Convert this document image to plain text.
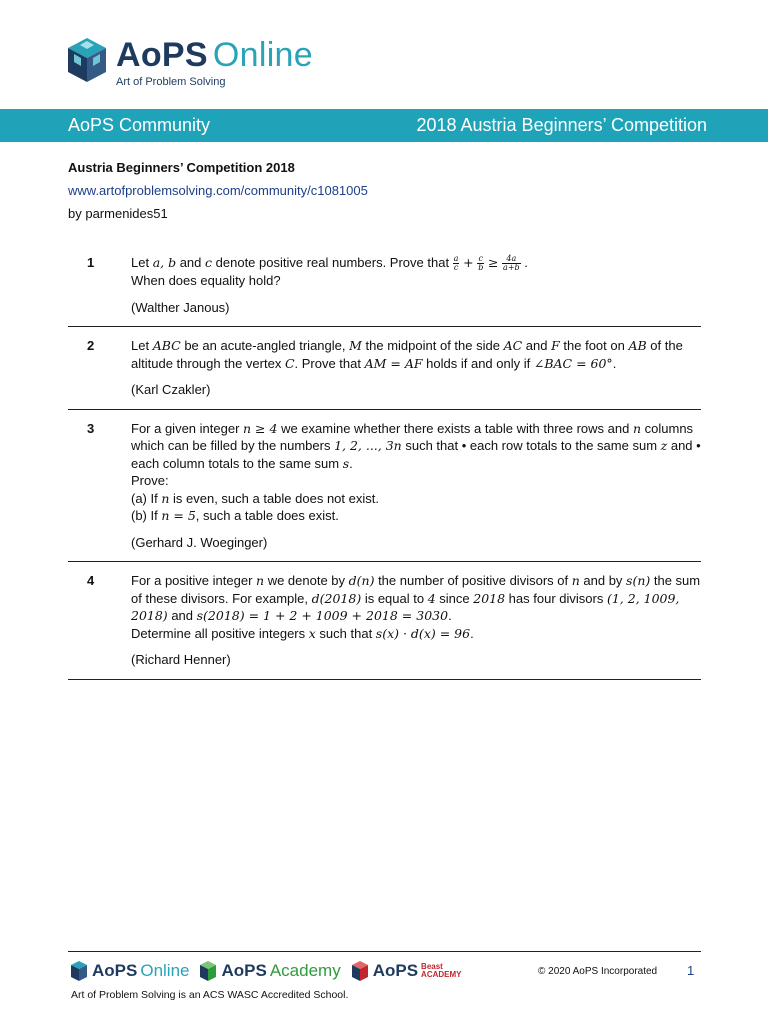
AoPS Online
Art of Problem Solving
AoPS Community	2018 Austria Beginners’ Competition
Austria Beginners’ Competition 2018
www.artofproblemsolving.com/community/c1081005
by parmenides51
1	Let a, b and c denote positive real numbers. Prove that $\frac{a}{c} + \frac{c}{b} \ge \frac{4a}{a+b}$ .

When does equality hold?

(Walther Janous)

2	Let ABC be an acute-angled triangle, M the midpoint of the side AC and F the foot on AB of the altitude through the vertex C. Prove that AM = AF holds if and only if ∠BAC = 60°.

(Karl Czakler)

3	For a given integer n ≥ 4 we examine whether there exists a table with three rows and n columns which can be filled by the numbers 1, 2, ..., 3n such that • each row totals to the same sum z and • each column totals to the same sum s.

Prove:

(a) If n is even, such a table does not exist.

(b) If n = 5, such a table does exist.

(Gerhard J. Woeginger)

4	For a positive integer n we denote by d(n) the number of positive divisors of n and by s(n) the sum of these divisors. For example, d(2018) is equal to 4 since 2018 has four divisors (1, 2, 1009, 2018) and s(2018) = 1 + 2 + 1009 + 2018 = 3030.

Determine all positive integers x such that s(x) · d(x) = 96.

(Richard Henner)

AoPS Online AoPS Academy AoPS Beast
ACADEMY	© 2020 AoPS Incorporated 1
Art of Problem Solving is an ACS WASC Accredited School.
